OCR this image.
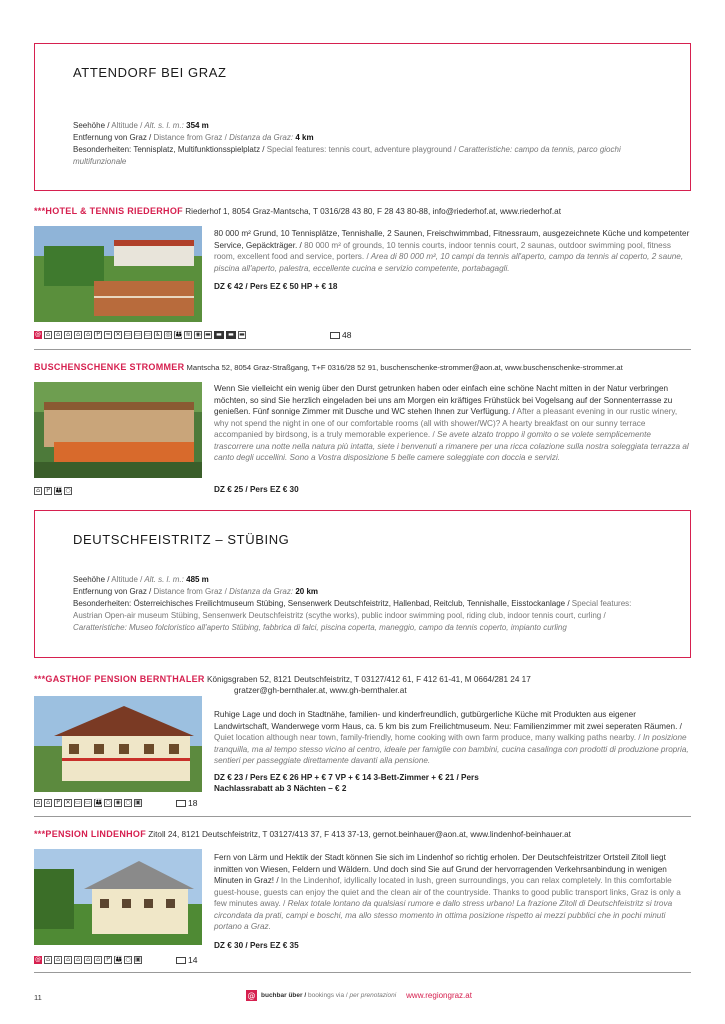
ATTENDORF BEI GRAZ
Seehöhe / Altitude / Alt. s. l. m.: 354 m
Entfernung von Graz / Distance from Graz / Distanza da Graz: 4 km
Besonderheiten: Tennisplatz, Multifunktionsspielplatz / Special features: tennis court, adventure playground / Caratteristiche: campo da tennis, parco giochi multifunzionale
***HOTEL & TENNIS RIEDERHOF Riederhof 1, 8054 Graz-Mantscha, T 0316/28 43 80, F 28 43 80-88, info@riederhof.at, www.riederhof.at
80 000 m² Grund, 10 Tennisplätze, Tennishalle, 2 Saunen, Freischwimmbad, Fitnessraum, ausgezeichnete Küche und kompetenter Service, Gepäckträger. / 80 000 m² of grounds, 10 tennis courts, indoor tennis court, 2 saunas, outdoor swimming pool, fitness room, excellent food and service, porters. / Area di 80 000 m², 10 campi da tennis all'aperto, campo da tennis al coperto, 2 saune, piscina all'aperto, palestra, eccellente cucina e servizio competente, portabagagli.
DZ € 42 / Pers EZ € 50 HP + € 18
@ ⌂	⌂	⌂	⌂	⌂	P ≈ ✕ ▭ ▭ ▭ ♿ ◎ 👪 ≋ ◉ ▬ ▬	▬ ▬	48
BUSCHENSCHENKE STROMMER Mantscha 52, 8054 Graz-Straßgang, T+F 0316/28 52 91, buschenschenke-strommer@aon.at, www.buschenschenke-strommer.at
Wenn Sie vielleicht ein wenig über den Durst getrunken haben oder einfach eine schöne Nacht mitten in der Natur verbringen möchten, so sind Sie herzlich eingeladen bei uns am Morgen ein kräftiges Frühstück bei Vogelsang auf der Sonnenterrasse zu genießen. Fünf sonnige Zimmer mit Dusche und WC stehen Ihnen zur Verfügung. / After a pleasant evening in our rustic winery, why not spend the night in one of our comfortable rooms (all with shower/WC)? A hearty breakfast on our sunny terrace accompanied by birdsong, is a truly memorable experience. / Se avete alzato troppo il gomito o se volete semplicemente trascorrere una notte nella natura più intatta, siete i benvenuti a rimanere per una ricca colazione sulla nostra soleggiata terrazza al canto degli uccellini. Sono a Vostra disposizione 5 belle camere soleggiate con doccia e servizi.
DZ € 25 / Pers EZ € 30
⌂	P 👪 ○
DEUTSCHFEISTRITZ – STÜBING
Seehöhe / Altitude / Alt. s. l. m.: 485 m
Entfernung von Graz / Distance from Graz / Distanza da Graz: 20 km
Besonderheiten: Österreichisches Freilichtmuseum Stübing, Sensenwerk Deutschfeistritz, Hallenbad, Reitclub, Tennishalle, Eisstockanlage / Special features: Austrian Open-air museum Stübing, Sensenwerk Deutschfeistritz (scythe works), public indoor swimming pool, riding club, indoor tennis court, curling / Caratteristiche: Museo folcloristico all'aperto Stübing, fabbrica di falci, piscina coperta, maneggio, campo da tennis coperto, impianto curling
***GASTHOF PENSION BERNTHALER Königsgraben 52, 8121 Deutschfeistritz, T 03127/412 61, F 412 61-41, M 0664/281 24 17
gratzer@gh-bernthaler.at, www.gh-bernthaler.at
Ruhige Lage und doch in Stadtnähe, familien- und kinderfreundlich, gutbürgerliche Küche mit Produkten aus eigener Landwirtschaft, Wanderwege vorm Haus, ca. 5 km bis zum Freilichtmuseum. Neu: Familienzimmer mit zwei seperaten Räumen. / Quiet location although near town, family-friendly, home cooking with own farm produce, many walking paths nearby. / In posizione tranquilla, ma al tempo stesso vicino al centro, ideale per famiglie con bambini, cucina casalinga con prodotti di produzione propria, sentieri per passeggiate direttamente davanti alla pensione.
DZ € 23 / Pers EZ € 26 HP + € 7 VP + € 14 3-Bett-Zimmer + € 21 / Pers
Nachlassrabatt ab 3 Nächten – € 2
⌂	⌂	P ✕ ▭ ▭ 👪 ○ ◉ ○ ▣	18
***PENSION LINDENHOF Zitoll 24, 8121 Deutschfeistritz, T 03127/413 37, F 413 37-13, gernot.beinhauer@aon.at, www.lindenhof-beinhauer.at
Fern von Lärm und Hektik der Stadt können Sie sich im Lindenhof so richtig erholen. Der Deutschfeistritzer Ortsteil Zitoll liegt inmitten von Wiesen, Feldern und Wäldern. Und doch sind Sie auf Grund der hervorragenden Verkehrsanbindung in wenigen Minuten in Graz! / In the Lindenhof, idyllically located in lush, green surroundings, you can relax completely. In this comfortable guest-house, guests can enjoy the quiet and the clean air of the countryside. Thanks to good public transport links, Graz is only a few minutes away. / Relax totale lontano da qualsiasi rumore e dallo stress urbano! La frazione Zitoll di Deutschfeistritz si trova circondata da prati, campi e boschi, ma allo stesso momento in ottima posizione rispetto ai mezzi pubblici che in pochi minuti portano a Graz.
DZ € 30 / Pers EZ € 35
@ ⌂	⌂	⌂	⌂	⌂	⌂	P 👪 ○ ▣	14
11	@ buchbar über / bookings via / per prenotazioni www.regiongraz.at
